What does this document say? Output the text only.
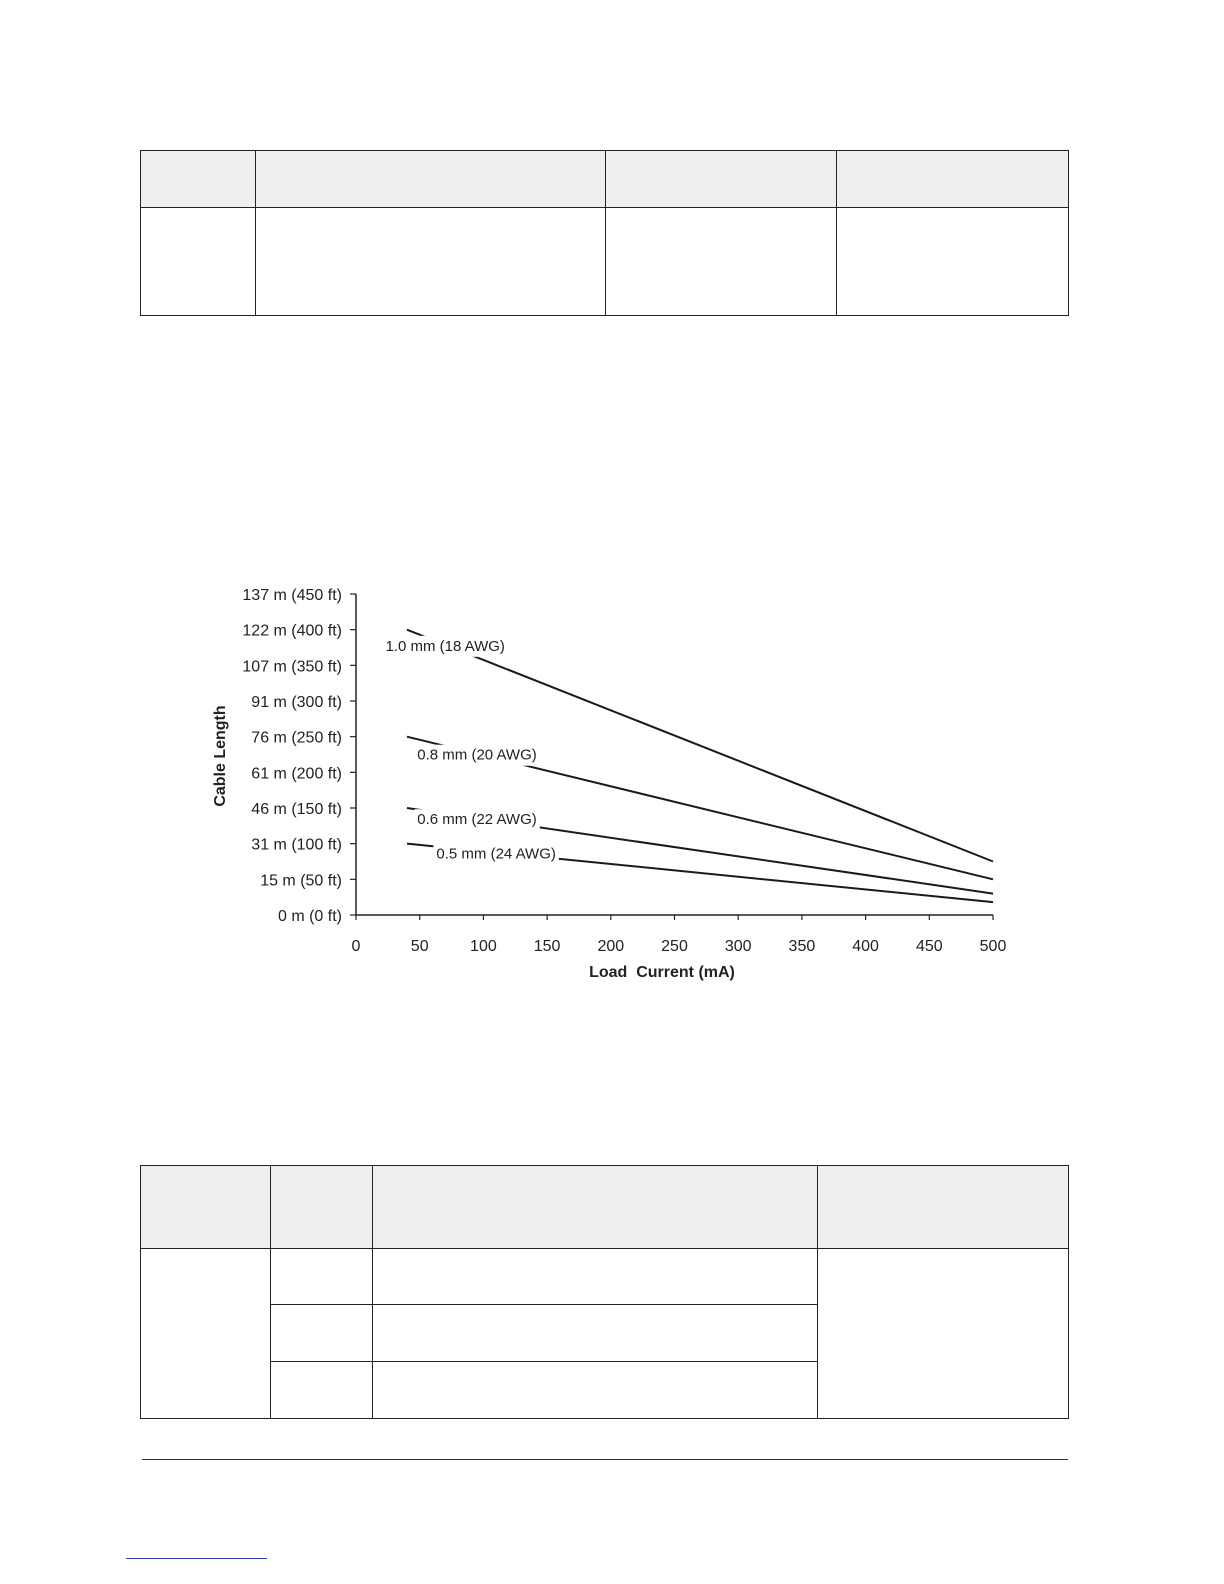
0 m (0 ft)
15 m (50 ft)
31 m (100 ft)
46 m (150 ft)
61 m (200 ft)
76 m (250 ft)
91 m (300 ft)
107 m (350 ft)
122 m (400 ft)
137 m (450 ft)
0	50	100 150 200 250 300 350 400 450 500
1.0 mm (18 AWG)
0.8 mm (20 AWG)
0.6 mm (22 AWG)
0.5 mm (24 AWG)
Load  Current (mA)
Cable Length
